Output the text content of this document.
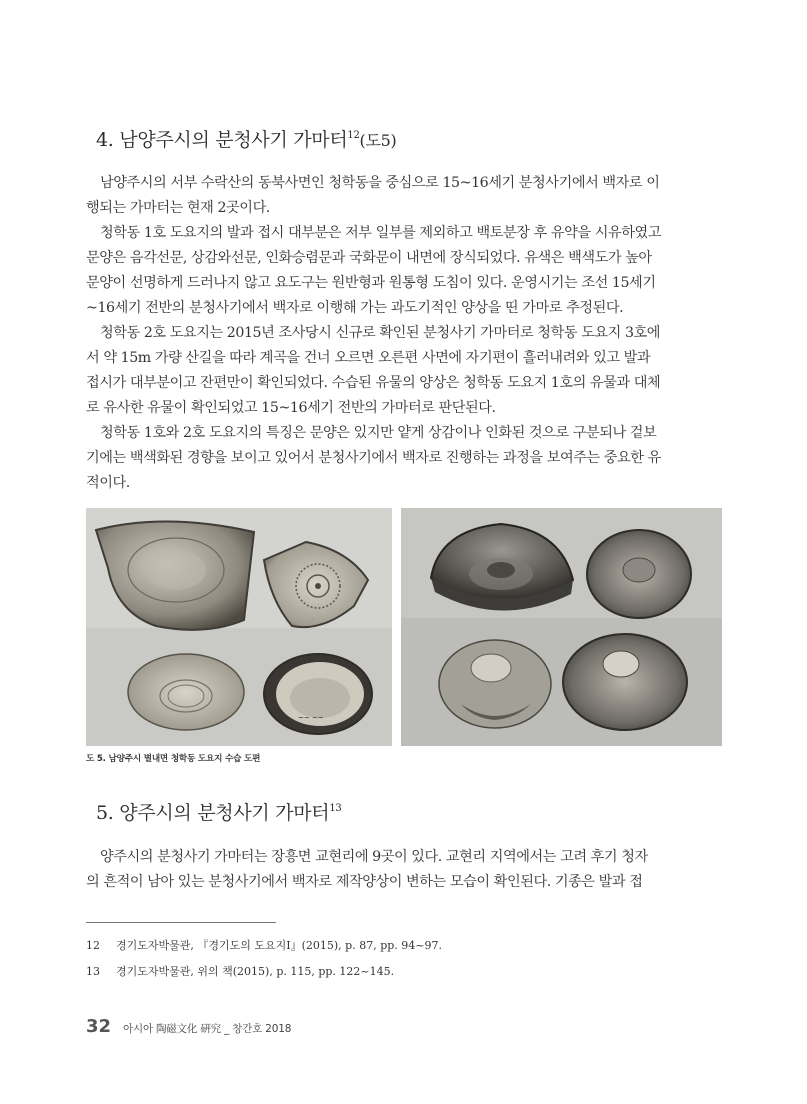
4. 남양주시의 분청사기 가마터$^{12}$(도5)

남양주시의 서부 수락산의 동북사면인 청학동을 중심으로 15~16세기 분청사기에서 백자로 이
행되는 가마터는 현재 2곳이다.

청학동 1호 도요지의 발과 접시 대부분은 저부 일부를 제외하고 백토분장 후 유약을 시유하였고
문양은 음각선문, 상감와선문, 인화승렴문과 국화문이 내면에 장식되었다. 유색은 백색도가 높아
문양이 선명하게 드러나지 않고 요도구는 원반형과 원통형 도침이 있다. 운영시기는 조선 15세기
~16세기 전반의 분청사기에서 백자로 이행해 가는 과도기적인 양상을 띤 가마로 추정된다.

청학동 2호 도요지는 2015년 조사당시 신규로 확인된 분청사기 가마터로 청학동 도요지 3호에
서 약 15m 가량 산길을 따라 계곡을 건너 오르면 오른편 사면에 자기편이 흘러내려와 있고 발과
접시가 대부분이고 잔편만이 확인되었다. 수습된 유물의 양상은 청학동 도요지 1호의 유물과 대체
로 유사한 유물이 확인되었고 15~16세기 전반의 가마터로 판단된다.

청학동 1호와 2호 도요지의 특징은 문양은 있지만 얕게 상감이나 인화된 것으로 구분되나 겉보
기에는 백색화된 경향을 보이고 있어서 분청사기에서 백자로 진행하는 과정을 보여주는 중요한 유
적이다.

~~ ~~

도 5. 남양주시 별내면 청학동 도요지 수습 도편

5. 양주시의 분청사기 가마터$^{13}$

양주시의 분청사기 가마터는 장흥면 교현리에 9곳이 있다. 교현리 지역에서는 고려 후기 청자
의 흔적이 남아 있는 분청사기에서 백자로 제작양상이 변하는 모습이 확인된다. 기종은 발과 접

12	경기도자박물관, 『경기도의 도요지Ⅰ』(2015), p. 87, pp. 94~97.
13	경기도자박물관, 위의 책(2015), p. 115, pp. 122~145.
32 아시아 陶磁文化 硏究 _ 창간호 2018
